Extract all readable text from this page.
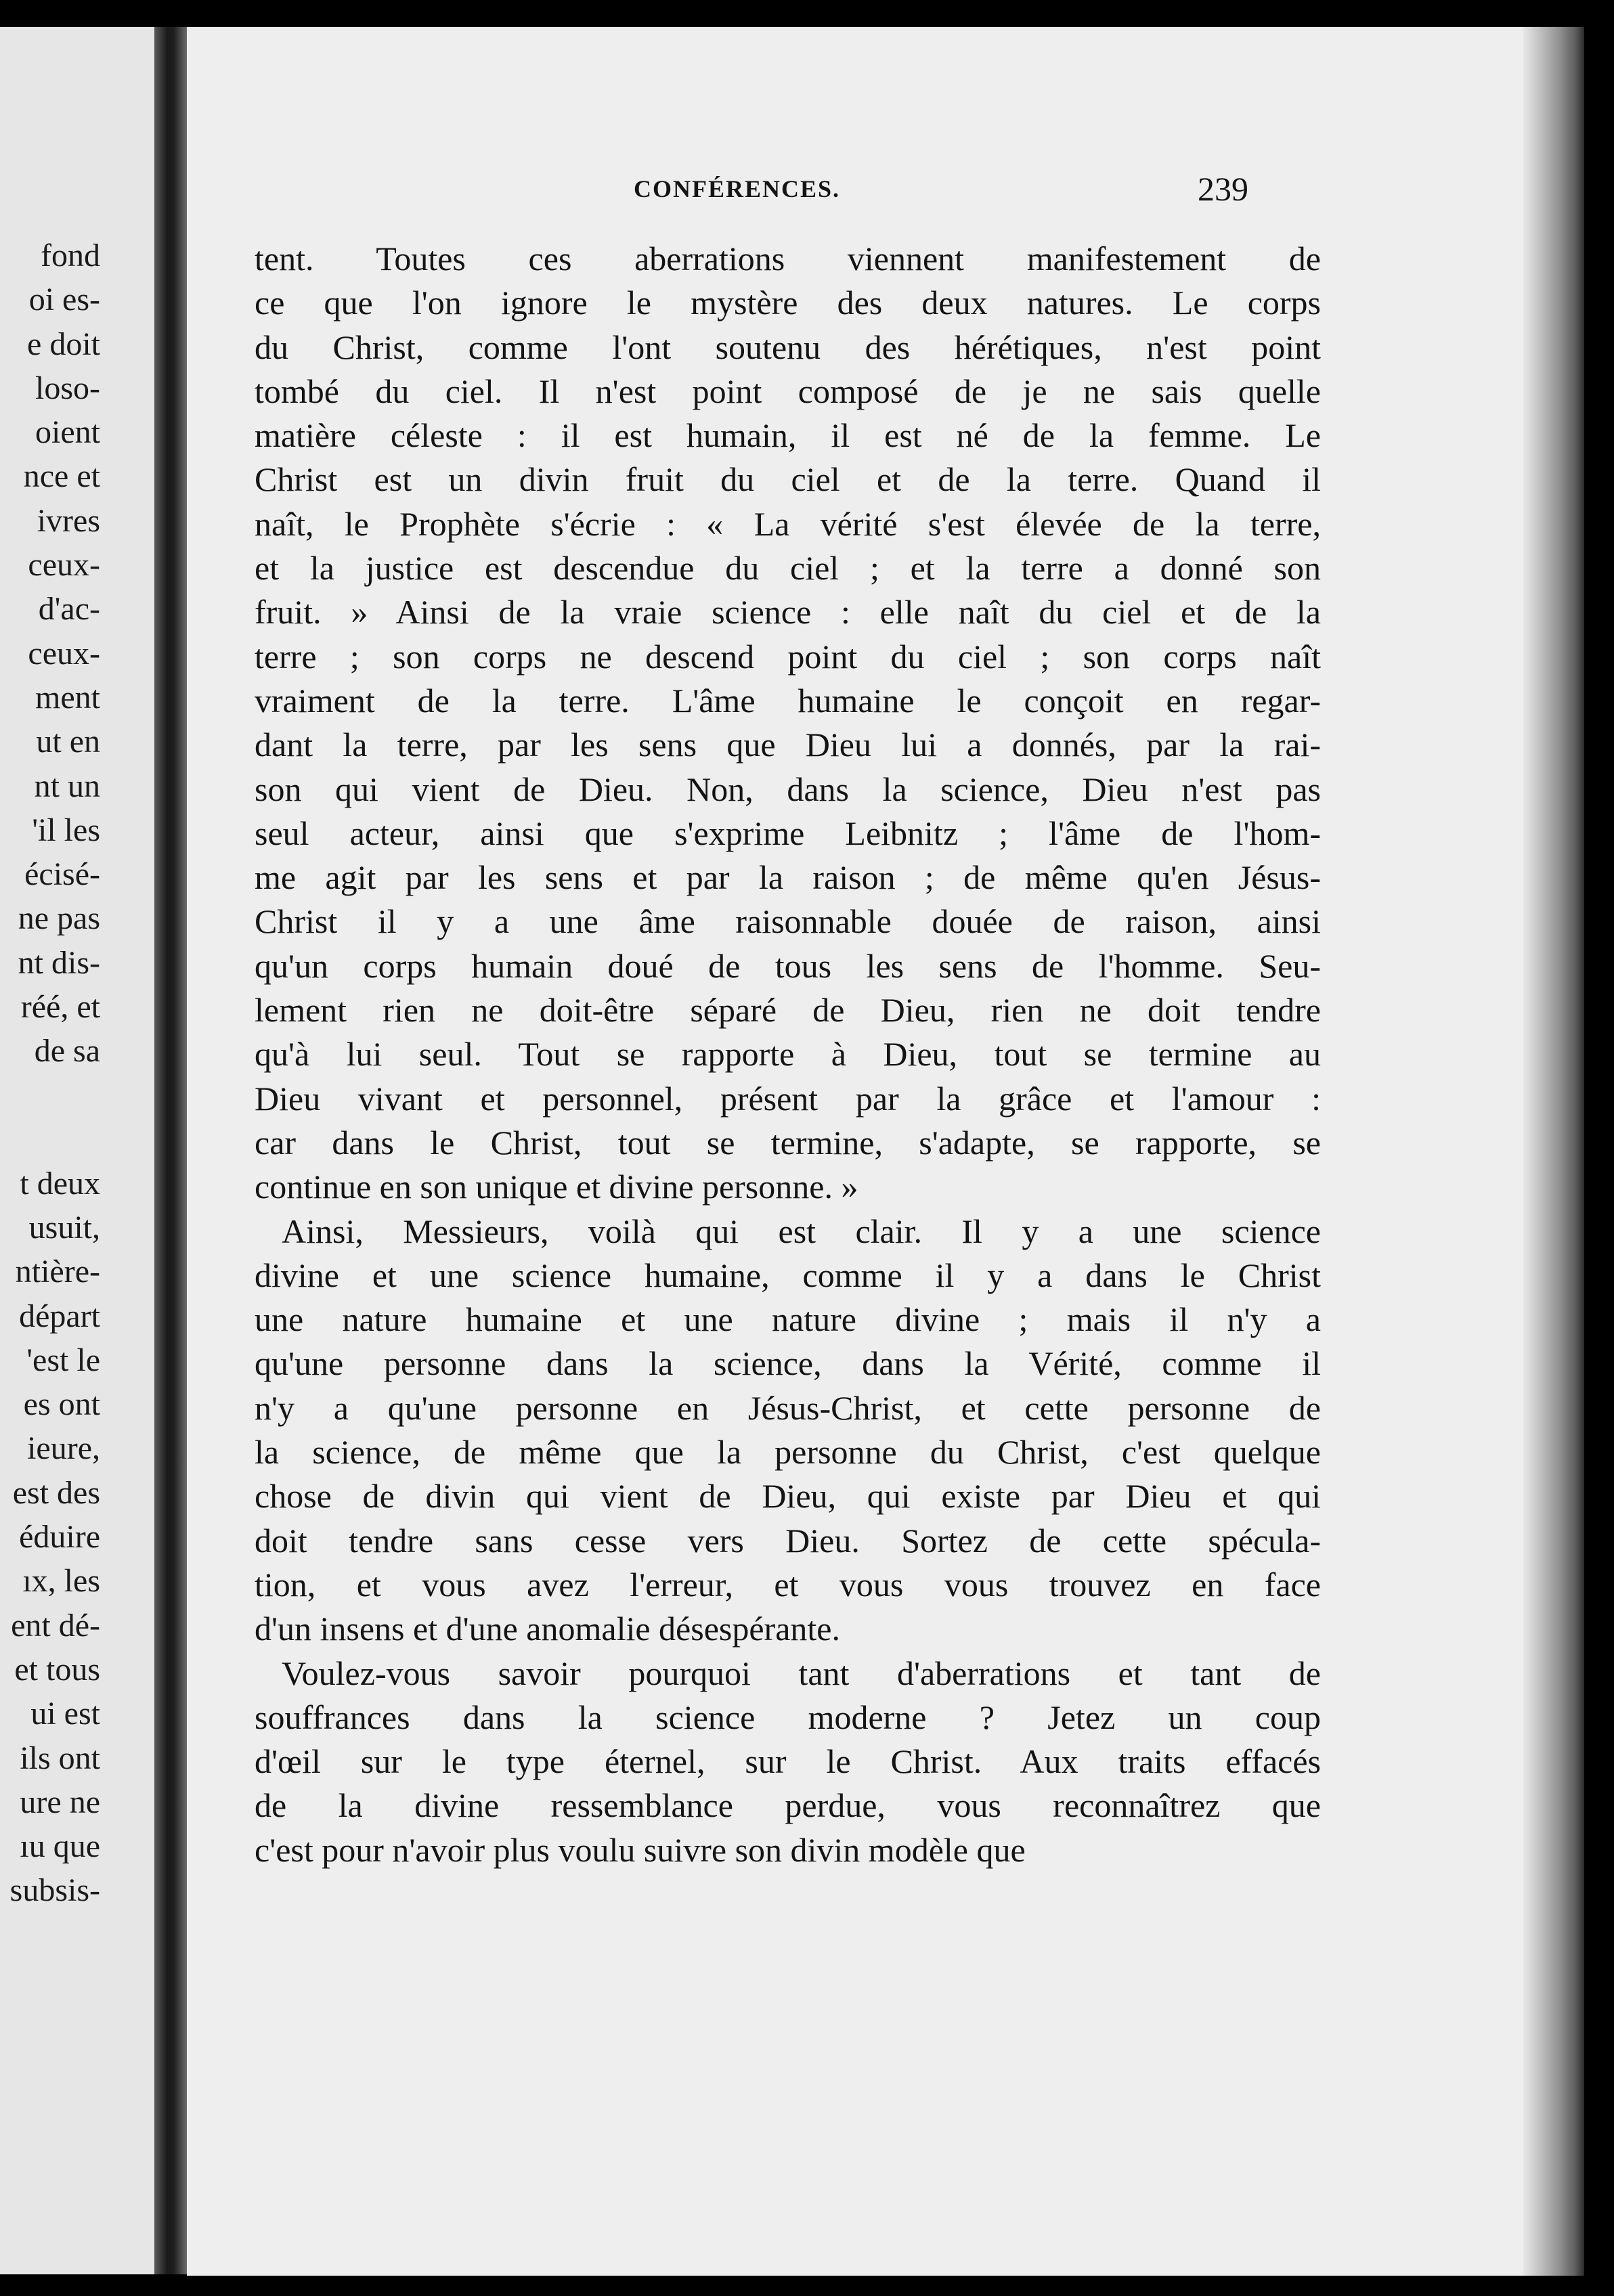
fond
oi es-
e doit
loso-
oient
nce et
ivres
ceux-
d'ac-
ceux-
ment
ut en
nt un
'il les
écisé-
ne pas
nt dis-
réé, et
de sa
t deux
usuit,
ntière-
départ
'est le
es ont
ieure,
est des
éduire
ıx, les
ent dé-
et tous
ui est
ils ont
ure ne
ıu que
subsis-
CONFÉRENCES.	239
tent. Toutes ces aberrations viennent manifestement de
ce que l'on ignore le mystère des deux natures. Le corps
du Christ, comme l'ont soutenu des hérétiques, n'est point
tombé du ciel. Il n'est point composé de je ne sais quelle
matière céleste : il est humain, il est né de la femme. Le
Christ est un divin fruit du ciel et de la terre. Quand il
naît, le Prophète s'écrie : « La vérité s'est élevée de la terre,
et la justice est descendue du ciel ; et la terre a donné son
fruit. » Ainsi de la vraie science : elle naît du ciel et de la
terre ; son corps ne descend point du ciel ; son corps naît
vraiment de la terre. L'âme humaine le conçoit en regar-
dant la terre, par les sens que Dieu lui a donnés, par la rai-
son qui vient de Dieu. Non, dans la science, Dieu n'est pas
seul acteur, ainsi que s'exprime Leibnitz ; l'âme de l'hom-
me agit par les sens et par la raison ; de même qu'en Jésus-
Christ il y a une âme raisonnable douée de raison, ainsi
qu'un corps humain doué de tous les sens de l'homme. Seu-
lement rien ne doit-être séparé de Dieu, rien ne doit tendre
qu'à lui seul. Tout se rapporte à Dieu, tout se termine au
Dieu vivant et personnel, présent par la grâce et l'amour :
car dans le Christ, tout se termine, s'adapte, se rapporte, se
continue en son unique et divine personne. »
Ainsi, Messieurs, voilà qui est clair. Il y a une science
divine et une science humaine, comme il y a dans le Christ
une nature humaine et une nature divine ; mais il n'y a
qu'une personne dans la science, dans la Vérité, comme il
n'y a qu'une personne en Jésus-Christ, et cette personne de
la science, de même que la personne du Christ, c'est quelque
chose de divin qui vient de Dieu, qui existe par Dieu et qui
doit tendre sans cesse vers Dieu. Sortez de cette spécula-
tion, et vous avez l'erreur, et vous vous trouvez en face
d'un insens et d'une anomalie désespérante.
Voulez-vous savoir pourquoi tant d'aberrations et tant de
souffrances dans la science moderne ? Jetez un coup
d'œil sur le type éternel, sur le Christ. Aux traits effacés
de la divine ressemblance perdue, vous reconnaîtrez que
c'est pour n'avoir plus voulu suivre son divin modèle que
